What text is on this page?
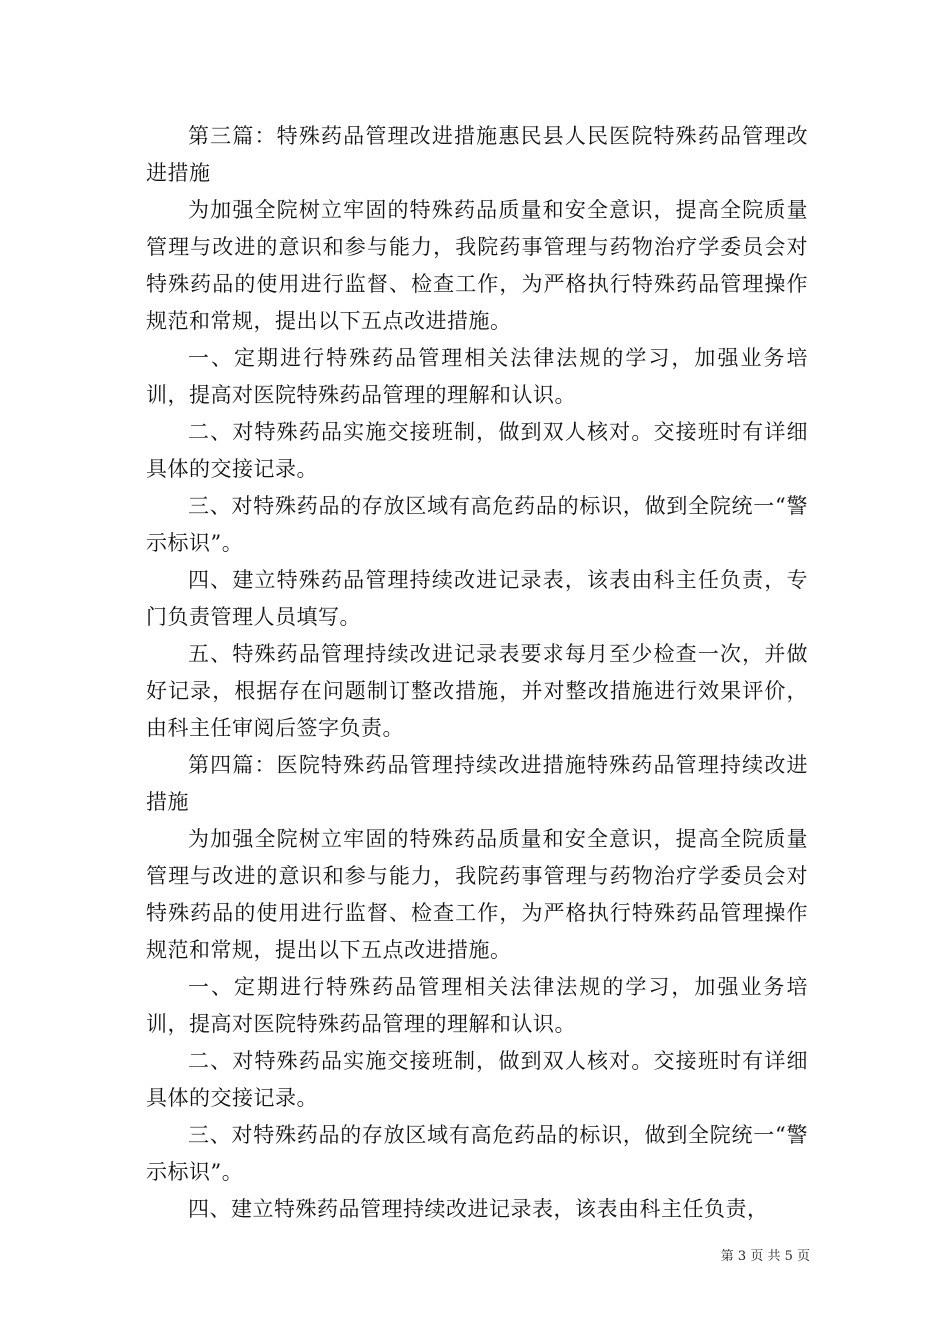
第三篇：特殊药品管理改进措施惠民县人民医院特殊药品管理改进措施

为加强全院树立牢固的特殊药品质量和安全意识，提高全院质量管理与改进的意识和参与能力，我院药事管理与药物治疗学委员会对特殊药品的使用进行监督、检查工作，为严格执行特殊药品管理操作规范和常规，提出以下五点改进措施。

一、定期进行特殊药品管理相关法律法规的学习，加强业务培训，提高对医院特殊药品管理的理解和认识。

二、对特殊药品实施交接班制，做到双人核对。交接班时有详细具体的交接记录。

三、对特殊药品的存放区域有高危药品的标识，做到全院统一“警示标识”。

四、建立特殊药品管理持续改进记录表，该表由科主任负责，专门负责管理人员填写。

五、特殊药品管理持续改进记录表要求每月至少检查一次，并做好记录，根据存在问题制订整改措施，并对整改措施进行效果评价，由科主任审阅后签字负责。

第四篇：医院特殊药品管理持续改进措施特殊药品管理持续改进措施

为加强全院树立牢固的特殊药品质量和安全意识，提高全院质量管理与改进的意识和参与能力，我院药事管理与药物治疗学委员会对特殊药品的使用进行监督、检查工作，为严格执行特殊药品管理操作规范和常规，提出以下五点改进措施。

一、定期进行特殊药品管理相关法律法规的学习，加强业务培训，提高对医院特殊药品管理的理解和认识。

二、对特殊药品实施交接班制，做到双人核对。交接班时有详细具体的交接记录。

三、对特殊药品的存放区域有高危药品的标识，做到全院统一“警示标识”。

四、建立特殊药品管理持续改进记录表，该表由科主任负责，

第 3 页 共 5 页
